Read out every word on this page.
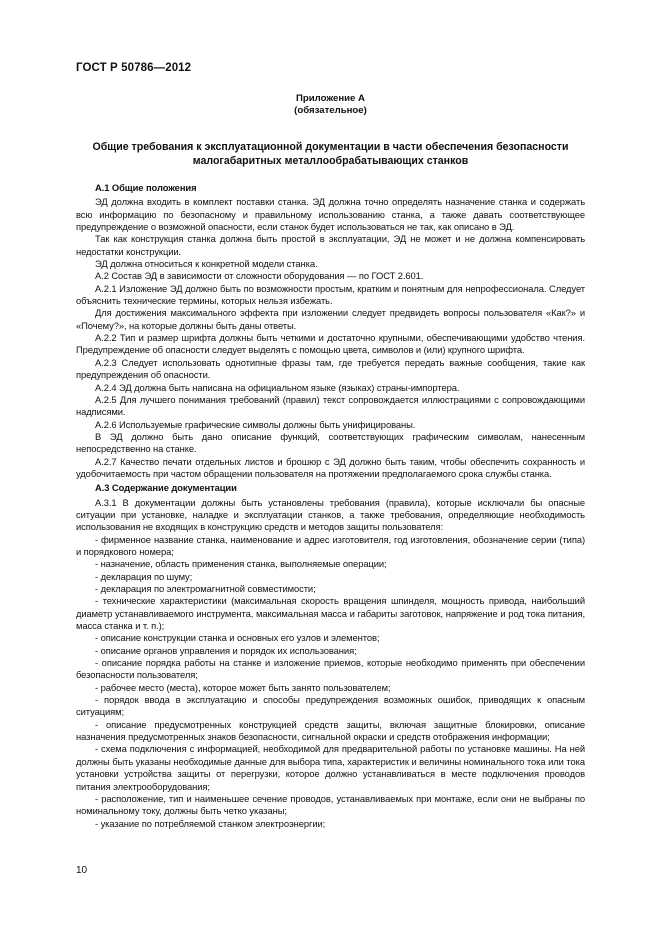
ГОСТ Р 50786—2012
Приложение А
(обязательное)
Общие требования к эксплуатационной документации в части обеспечения безопасности
малогабаритных металлообрабатывающих станков

А.1 Общие положения

ЭД должна входить в комплект поставки станка. ЭД должна точно определять назначение станка и содержать всю информацию по безопасному и правильному использованию станка, а также давать соответствующее предупреждение о возможной опасности, если станок будет использоваться не так, как описано в ЭД.

Так как конструкция станка должна быть простой в эксплуатации, ЭД не может и не должна компенсировать недостатки конструкции.

ЭД должна относиться к конкретной модели станка.

А.2 Состав ЭД в зависимости от сложности оборудования — по ГОСТ 2.601.

А.2.1 Изложение ЭД должно быть по возможности простым, кратким и понятным для непрофессионала. Следует объяснить технические термины, которых нельзя избежать.

Для достижения максимального эффекта при изложении следует предвидеть вопросы пользователя «Как?» и «Почему?», на которые должны быть даны ответы.

А.2.2 Тип и размер шрифта должны быть четкими и достаточно крупными, обеспечивающими удобство чтения. Предупреждение об опасности следует выделять с помощью цвета, символов и (или) крупного шрифта.

А.2.3 Следует использовать однотипные фразы там, где требуется передать важные сообщения, такие как предупреждения об опасности.

А.2.4 ЭД должна быть написана на официальном языке (языках) страны-импортера.

А.2.5 Для лучшего понимания требований (правил) текст сопровождается иллюстрациями с сопровождающими надписями.

А.2.6 Используемые графические символы должны быть унифицированы.

В ЭД должно быть дано описание функций, соответствующих графическим символам, нанесенным непосредственно на станке.

А.2.7 Качество печати отдельных листов и брошюр с ЭД должно быть таким, чтобы обеспечить сохранность и удобочитаемость при частом обращении пользователя на протяжении предполагаемого срока службы станка.

А.3 Содержание документации

А.3.1 В документации должны быть установлены требования (правила), которые исключали бы опасные ситуации при установке, наладке и эксплуатации станков, а также требования, определяющие необходимость использования не входящих в конструкцию средств и методов защиты пользователя:

- фирменное название станка, наименование и адрес изготовителя, год изготовления, обозначение серии (типа) и порядкового номера;

- назначение, область применения станка, выполняемые операции;

- декларация по шуму;

- декларация по электромагнитной совместимости;

- технические характеристики (максимальная скорость вращения шпинделя, мощность привода, наибольший диаметр устанавливаемого инструмента, максимальная масса и габариты заготовок, напряжение и род тока питания, масса станка и т. п.);

- описание конструкции станка и основных его узлов и элементов;

- описание органов управления и порядок их использования;

- описание порядка работы на станке и изложение приемов, которые необходимо применять при обеспечении безопасности пользователя;

- рабочее место (места), которое может быть занято пользователем;

- порядок ввода в эксплуатацию и способы предупреждения возможных ошибок, приводящих к опасным ситуациям;

- описание предусмотренных конструкцией средств защиты, включая защитные блокировки, описание назначения предусмотренных знаков безопасности, сигнальной окраски и средств отображения информации;

- схема подключения с информацией, необходимой для предварительной работы по установке машины. На ней должны быть указаны необходимые данные для выбора типа, характеристик и величины номинального тока или тока установки устройства защиты от перегрузки, которое должно устанавливаться в месте подключения проводов питания электрооборудования;

- расположение, тип и наименьшее сечение проводов, устанавливаемых при монтаже, если они не выбраны по номинальному току, должны быть четко указаны;

- указание по потребляемой станком электроэнергии;

10
